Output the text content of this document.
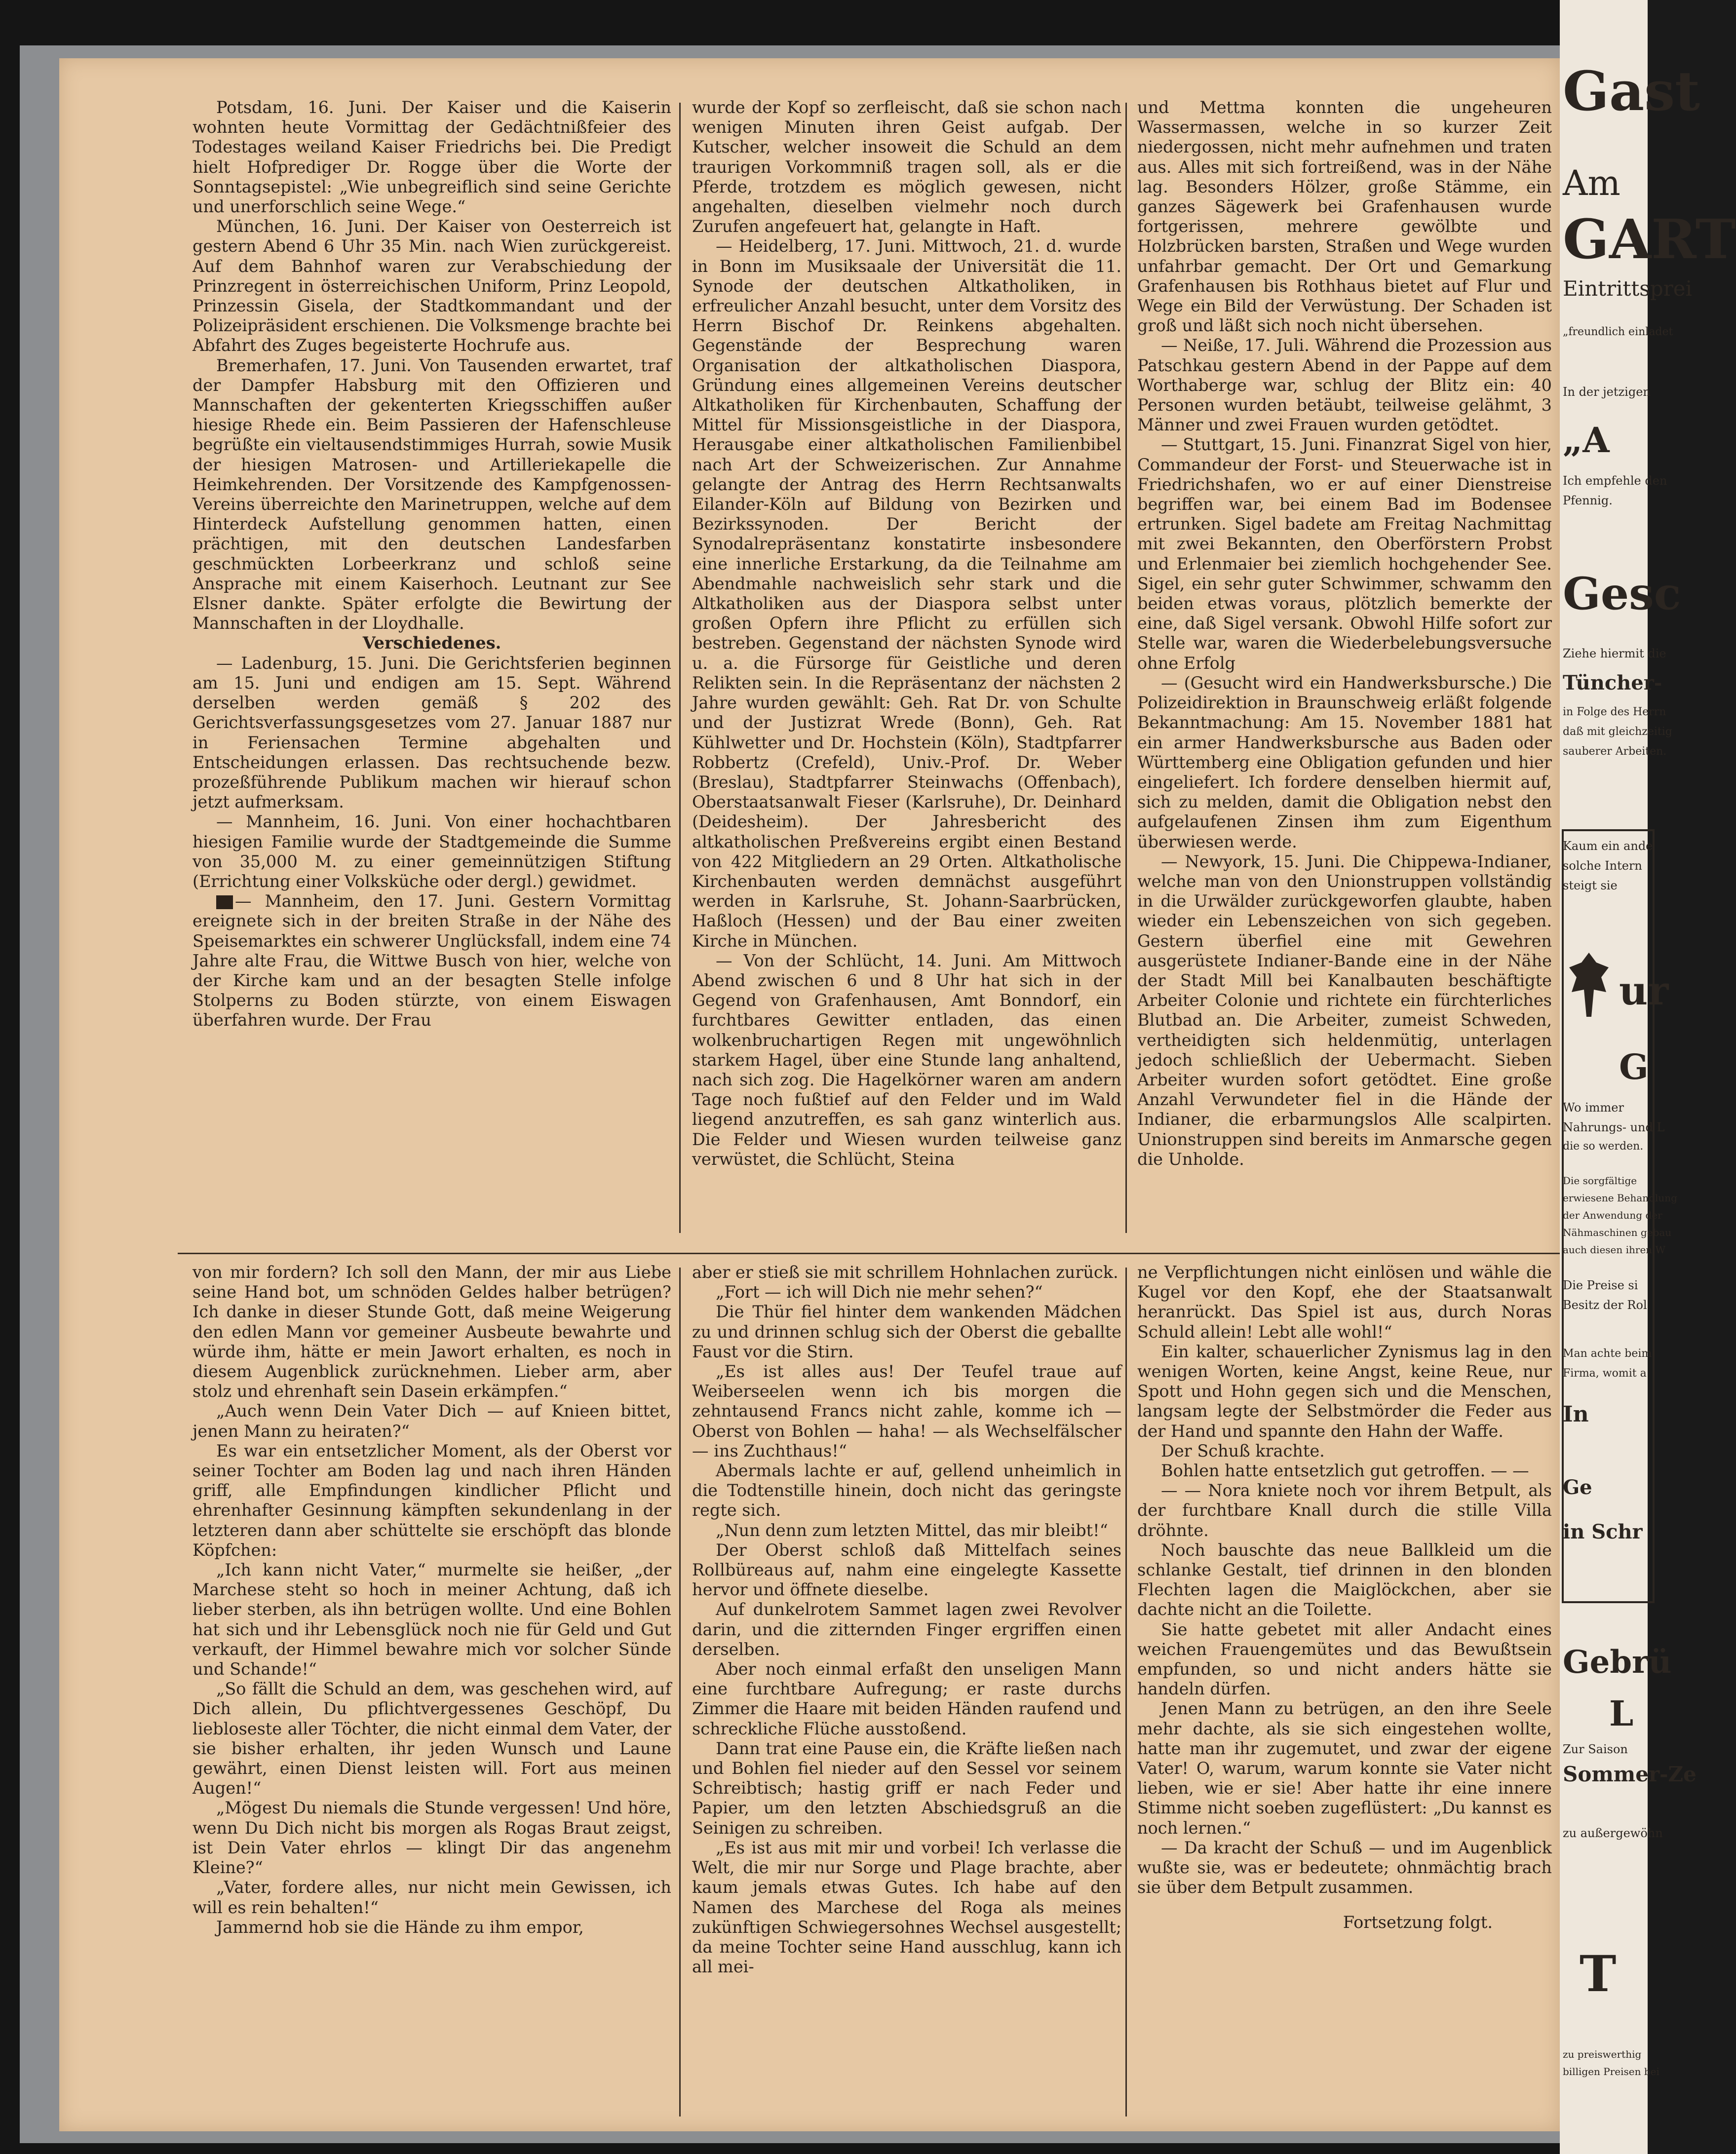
Potsdam, 16. Juni. Der Kaiser und die Kaiserin wohnten heute Vormittag der Gedächtnißfeier des Todestages weiland Kaiser Friedrichs bei. Die Predigt hielt Hofprediger Dr. Rogge über die Worte der Sonntagsepistel: „Wie unbegreiflich sind seine Gerichte und unerforschlich seine Wege.“

München, 16. Juni. Der Kaiser von Oesterreich ist gestern Abend 6 Uhr 35 Min. nach Wien zurückgereist. Auf dem Bahnhof waren zur Verabschiedung der Prinzregent in österreichischen Uniform, Prinz Leopold, Prinzessin Gisela, der Stadtkommandant und der Polizeipräsident erschienen. Die Volksmenge brachte bei Abfahrt des Zuges begeisterte Hochrufe aus.

Bremerhafen, 17. Juni. Von Tausenden erwartet, traf der Dampfer Habsburg mit den Offizieren und Mannschaften der gekenterten Kriegsschiffen außer hiesige Rhede ein. Beim Passieren der Hafenschleuse begrüßte ein vieltausendstimmiges Hurrah, sowie Musik der hiesigen Matrosen- und Artilleriekapelle die Heimkehrenden. Der Vorsitzende des Kampfgenossen-Vereins überreichte den Marinetruppen, welche auf dem Hinterdeck Aufstellung genommen hatten, einen prächtigen, mit den deutschen Landesfarben geschmückten Lorbeerkranz und schloß seine Ansprache mit einem Kaiserhoch. Leutnant zur See Elsner dankte. Später erfolgte die Bewirtung der Mannschaften in der Lloydhalle.

Verschiedenes.

— Ladenburg, 15. Juni. Die Gerichtsferien beginnen am 15. Juni und endigen am 15. Sept. Während derselben werden gemäß § 202 des Gerichtsverfassungsgesetzes vom 27. Januar 1887 nur in Feriensachen Termine abgehalten und Entscheidungen erlassen. Das rechtsuchende bezw. prozeßführende Publikum machen wir hierauf schon jetzt aufmerksam.

— Mannheim, 16. Juni. Von einer hochachtbaren hiesigen Familie wurde der Stadtgemeinde die Summe von 35,000 M. zu einer gemeinnützigen Stiftung (Errichtung einer Volksküche oder dergl.) gewidmet.

— Mannheim, den 17. Juni. Gestern Vormittag ereignete sich in der breiten Straße in der Nähe des Speisemarktes ein schwerer Unglücksfall, indem eine 74 Jahre alte Frau, die Wittwe Busch von hier, welche von der Kirche kam und an der besagten Stelle infolge Stolperns zu Boden stürzte, von einem Eiswagen überfahren wurde. Der Frau

wurde der Kopf so zerfleischt, daß sie schon nach wenigen Minuten ihren Geist aufgab. Der Kutscher, welcher insoweit die Schuld an dem traurigen Vorkommniß tragen soll, als er die Pferde, trotzdem es möglich gewesen, nicht angehalten, dieselben vielmehr noch durch Zurufen angefeuert hat, gelangte in Haft.

— Heidelberg, 17. Juni. Mittwoch, 21. d. wurde in Bonn im Musiksaale der Universität die 11. Synode der deutschen Altkatholiken, in erfreulicher Anzahl besucht, unter dem Vorsitz des Herrn Bischof Dr. Reinkens abgehalten. Gegenstände der Besprechung waren Organisation der altkatholischen Diaspora, Gründung eines allgemeinen Vereins deutscher Altkatholiken für Kirchenbauten, Schaffung der Mittel für Missionsgeistliche in der Diaspora, Herausgabe einer altkatholischen Familienbibel nach Art der Schweizerischen. Zur Annahme gelangte der Antrag des Herrn Rechtsanwalts Eilander-Köln auf Bildung von Bezirken und Bezirkssynoden. Der Bericht der Synodalrepräsentanz konstatirte insbesondere eine innerliche Erstarkung, da die Teilnahme am Abendmahle nachweislich sehr stark und die Altkatholiken aus der Diaspora selbst unter großen Opfern ihre Pflicht zu erfüllen sich bestreben. Gegenstand der nächsten Synode wird u. a. die Fürsorge für Geistliche und deren Relikten sein. In die Repräsentanz der nächsten 2 Jahre wurden gewählt: Geh. Rat Dr. von Schulte und der Justizrat Wrede (Bonn), Geh. Rat Kühlwetter und Dr. Hochstein (Köln), Stadtpfarrer Robbertz (Crefeld), Univ.-Prof. Dr. Weber (Breslau), Stadtpfarrer Steinwachs (Offenbach), Oberstaatsanwalt Fieser (Karlsruhe), Dr. Deinhard (Deidesheim). Der Jahresbericht des altkatholischen Preßvereins ergibt einen Bestand von 422 Mitgliedern an 29 Orten. Altkatholische Kirchenbauten werden demnächst ausgeführt werden in Karlsruhe, St. Johann-Saarbrücken, Haßloch (Hessen) und der Bau einer zweiten Kirche in München.

— Von der Schlücht, 14. Juni. Am Mittwoch Abend zwischen 6 und 8 Uhr hat sich in der Gegend von Grafenhausen, Amt Bonndorf, ein furchtbares Gewitter entladen, das einen wolkenbruchartigen Regen mit ungewöhnlich starkem Hagel, über eine Stunde lang anhaltend, nach sich zog. Die Hagelkörner waren am andern Tage noch fußtief auf den Felder und im Wald liegend anzutreffen, es sah ganz winterlich aus. Die Felder und Wiesen wurden teilweise ganz verwüstet, die Schlücht, Steina

und Mettma konnten die ungeheuren Wassermassen, welche in so kurzer Zeit niedergossen, nicht mehr aufnehmen und traten aus. Alles mit sich fortreißend, was in der Nähe lag. Besonders Hölzer, große Stämme, ein ganzes Sägewerk bei Grafenhausen wurde fortgerissen, mehrere gewölbte und Holzbrücken barsten, Straßen und Wege wurden unfahrbar gemacht. Der Ort und Gemarkung Grafenhausen bis Rothhaus bietet auf Flur und Wege ein Bild der Verwüstung. Der Schaden ist groß und läßt sich noch nicht übersehen.

— Neiße, 17. Juli. Während die Prozession aus Patschkau gestern Abend in der Pappe auf dem Worthaberge war, schlug der Blitz ein: 40 Personen wurden betäubt, teilweise gelähmt, 3 Männer und zwei Frauen wurden getödtet.

— Stuttgart, 15. Juni. Finanzrat Sigel von hier, Commandeur der Forst- und Steuerwache ist in Friedrichshafen, wo er auf einer Dienstreise begriffen war, bei einem Bad im Bodensee ertrunken. Sigel badete am Freitag Nachmittag mit zwei Bekannten, den Oberförstern Probst und Erlenmaier bei ziemlich hochgehender See. Sigel, ein sehr guter Schwimmer, schwamm den beiden etwas voraus, plötzlich bemerkte der eine, daß Sigel versank. Obwohl Hilfe sofort zur Stelle war, waren die Wiederbelebungsversuche ohne Erfolg

— (Gesucht wird ein Handwerksbursche.) Die Polizeidirektion in Braunschweig erläßt folgende Bekanntmachung: Am 15. November 1881 hat ein armer Handwerksbursche aus Baden oder Württemberg eine Obligation gefunden und hier eingeliefert. Ich fordere denselben hiermit auf, sich zu melden, damit die Obligation nebst den aufgelaufenen Zinsen ihm zum Eigenthum überwiesen werde.

— Newyork, 15. Juni. Die Chippewa-Indianer, welche man von den Unionstruppen vollständig in die Urwälder zurückgeworfen glaubte, haben wieder ein Lebenszeichen von sich gegeben. Gestern überfiel eine mit Gewehren ausgerüstete Indianer-Bande eine in der Nähe der Stadt Mill bei Kanalbauten beschäftigte Arbeiter Colonie und richtete ein fürchterliches Blutbad an. Die Arbeiter, zumeist Schweden, vertheidigten sich heldenmütig, unterlagen jedoch schließlich der Uebermacht. Sieben Arbeiter wurden sofort getödtet. Eine große Anzahl Verwundeter fiel in die Hände der Indianer, die erbarmungslos Alle scalpirten. Unionstruppen sind bereits im Anmarsche gegen die Unholde.

von mir fordern? Ich soll den Mann, der mir aus Liebe seine Hand bot, um schnöden Geldes halber betrügen? Ich danke in dieser Stunde Gott, daß meine Weigerung den edlen Mann vor gemeiner Ausbeute bewahrte und würde ihm, hätte er mein Jawort erhalten, es noch in diesem Augenblick zurücknehmen. Lieber arm, aber stolz und ehrenhaft sein Dasein erkämpfen.“

„Auch wenn Dein Vater Dich — auf Knieen bittet, jenen Mann zu heiraten?“

Es war ein entsetzlicher Moment, als der Oberst vor seiner Tochter am Boden lag und nach ihren Händen griff, alle Empfindungen kindlicher Pflicht und ehrenhafter Gesinnung kämpften sekundenlang in der letzteren dann aber schüttelte sie erschöpft das blonde Köpfchen:

„Ich kann nicht Vater,“ murmelte sie heißer, „der Marchese steht so hoch in meiner Achtung, daß ich lieber sterben, als ihn betrügen wollte. Und eine Bohlen hat sich und ihr Lebensglück noch nie für Geld und Gut verkauft, der Himmel bewahre mich vor solcher Sünde und Schande!“

„So fällt die Schuld an dem, was geschehen wird, auf Dich allein, Du pflichtvergessenes Geschöpf, Du liebloseste aller Töchter, die nicht einmal dem Vater, der sie bisher erhalten, ihr jeden Wunsch und Laune gewährt, einen Dienst leisten will. Fort aus meinen Augen!“

„Mögest Du niemals die Stunde vergessen! Und höre, wenn Du Dich nicht bis morgen als Rogas Braut zeigst, ist Dein Vater ehrlos — klingt Dir das angenehm Kleine?“

„Vater, fordere alles, nur nicht mein Gewissen, ich will es rein behalten!“

Jammernd hob sie die Hände zu ihm empor,

aber er stieß sie mit schrillem Hohnlachen zurück.

„Fort — ich will Dich nie mehr sehen?“

Die Thür fiel hinter dem wankenden Mädchen zu und drinnen schlug sich der Oberst die geballte Faust vor die Stirn.

„Es ist alles aus! Der Teufel traue auf Weiberseelen wenn ich bis morgen die zehntausend Francs nicht zahle, komme ich — Oberst von Bohlen — haha! — als Wechselfälscher — ins Zuchthaus!“

Abermals lachte er auf, gellend unheimlich in die Todtenstille hinein, doch nicht das geringste regte sich.

„Nun denn zum letzten Mittel, das mir bleibt!“

Der Oberst schloß daß Mittelfach seines Rollbüreaus auf, nahm eine eingelegte Kassette hervor und öffnete dieselbe.

Auf dunkelrotem Sammet lagen zwei Revolver darin, und die zitternden Finger ergriffen einen derselben.

Aber noch einmal erfaßt den unseligen Mann eine furchtbare Aufregung; er raste durchs Zimmer die Haare mit beiden Händen raufend und schreckliche Flüche ausstoßend.

Dann trat eine Pause ein, die Kräfte ließen nach und Bohlen fiel nieder auf den Sessel vor seinem Schreibtisch; hastig griff er nach Feder und Papier, um den letzten Abschiedsgruß an die Seinigen zu schreiben.

„Es ist aus mit mir und vorbei! Ich verlasse die Welt, die mir nur Sorge und Plage brachte, aber kaum jemals etwas Gutes. Ich habe auf den Namen des Marchese del Roga als meines zukünftigen Schwiegersohnes Wechsel ausgestellt; da meine Tochter seine Hand ausschlug, kann ich all mei-

ne Verpflichtungen nicht einlösen und wähle die Kugel vor den Kopf, ehe der Staatsanwalt heranrückt. Das Spiel ist aus, durch Noras Schuld allein! Lebt alle wohl!“

Ein kalter, schauerlicher Zynismus lag in den wenigen Worten, keine Angst, keine Reue, nur Spott und Hohn gegen sich und die Menschen, langsam legte der Selbstmörder die Feder aus der Hand und spannte den Hahn der Waffe.

Der Schuß krachte.

Bohlen hatte entsetzlich gut getroffen. — —

— — Nora kniete noch vor ihrem Betpult, als der furchtbare Knall durch die stille Villa dröhnte.

Noch bauschte das neue Ballkleid um die schlanke Gestalt, tief drinnen in den blonden Flechten lagen die Maiglöckchen, aber sie dachte nicht an die Toilette.

Sie hatte gebetet mit aller Andacht eines weichen Frauengemütes und das Bewußtsein empfunden, so und nicht anders hätte sie handeln dürfen.

Jenen Mann zu betrügen, an den ihre Seele mehr dachte, als sie sich eingestehen wollte, hatte man ihr zugemutet, und zwar der eigene Vater! O, warum, warum konnte sie Vater nicht lieben, wie er sie! Aber hatte ihr eine innere Stimme nicht soeben zugeflüstert: „Du kannst es noch lernen.“

— Da kracht der Schuß — und im Augenblick wußte sie, was er bedeutete; ohnmächtig brach sie über dem Betpult zusammen.

Fortsetzung folgt.

Gast
Am
GART
Eintrittsprei
„freundlich einladet
In der jetzigen
„A
Ich empfehle den
Pfennig.
Gesc
Ziehe hiermit die
Tüncher-
in Folge des Herrn
daß mit gleichzeitig
sauberer Arbeiten.
Kaum ein ande
solche Intern
steigt sie
ur
G
Wo immer
Nahrungs- und L
die so werden.
Die sorgfältige
erwiesene Behandlung
der Anwendung der
Nähmaschinen gebau
auch diesen ihren W
Die Preise si
Besitz der Rol
Man achte beim
Firma, womit a
In
Ge
in Schr
Gebrü
L
Zur Saison
Sommer-Ze
zu außergewöhn
T
zu preiswerthig
billigen Preisen bei
